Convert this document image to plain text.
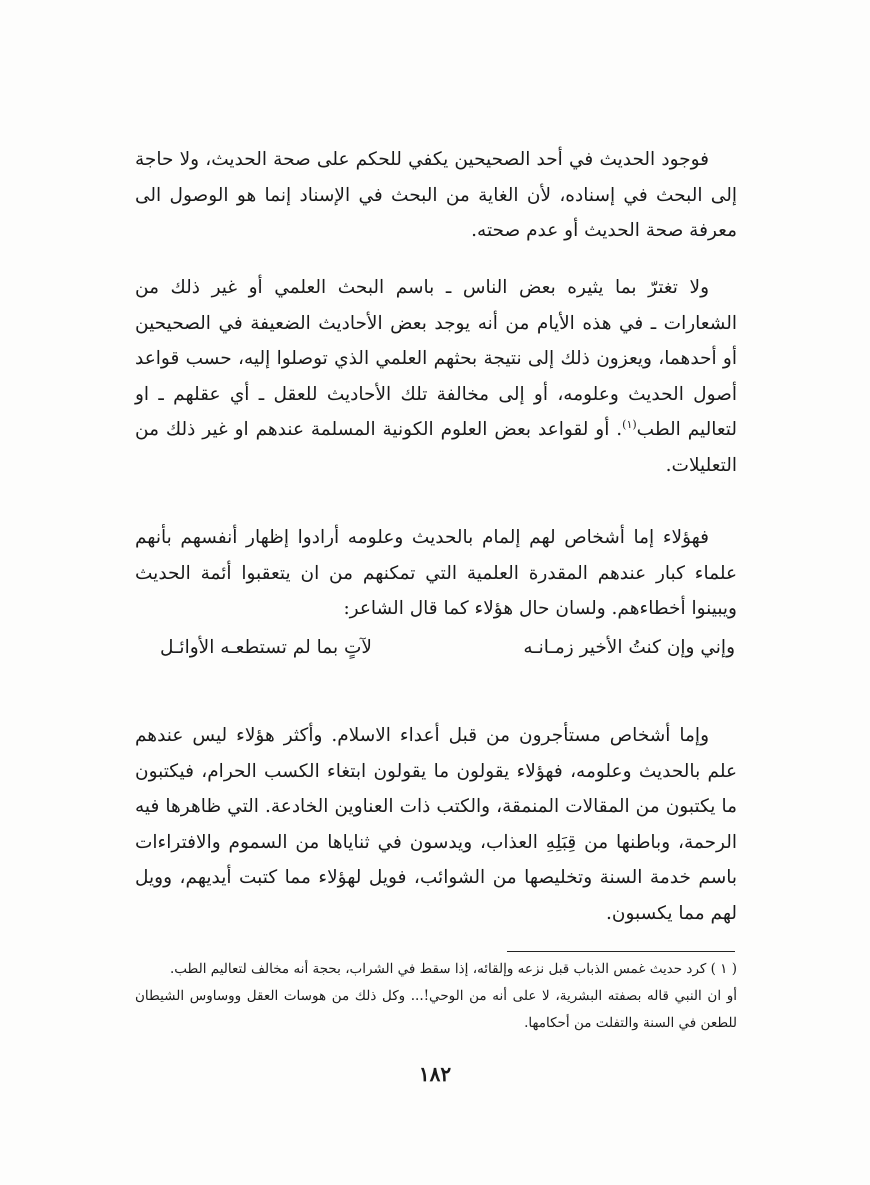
فوجود الحديث في أحد الصحيحين يكفي للحكم على صحة الحديث، ولا حاجة إلى البحث في إسناده، لأن الغاية من البحث في الإسناد إنما هو الوصول الى معرفة صحة الحديث أو عدم صحته.

ولا تغترّ بما يثيره بعض الناس ـ باسم البحث العلمي أو غير ذلك من الشعارات ـ في هذه الأيام من أنه يوجد بعض الأحاديث الضعيفة في الصحيحين أو أحدهما، ويعزون ذلك إلى نتيجة بحثهم العلمي الذي توصلوا إليه، حسب قواعد أصول الحديث وعلومه، أو إلى مخالفة تلك الأحاديث للعقل ـ أي عقلهم ـ او لتعاليم الطب$^{(١)}$. أو لقواعد بعض العلوم الكونية المسلمة عندهم او غير ذلك من التعليلات.

فهؤلاء إما أشخاص لهم إلمام بالحديث وعلومه أرادوا إظهار أنفسهم بأنهم علماء كبار عندهم المقدرة العلمية التي تمكنهم من ان يتعقبوا أئمة الحديث ويبينوا أخطاءهم. ولسان حال هؤلاء كما قال الشاعر:

وإني وإن كنتُ الأخير زمـانـه
لآتٍ بما لم تستطعـه الأوائـل

وإما أشخاص مستأجرون من قبل أعداء الاسلام. وأكثر هؤلاء ليس عندهم علم بالحديث وعلومه، فهؤلاء يقولون ما يقولون ابتغاء الكسب الحرام، فيكتبون ما يكتبون من المقالات المنمقة، والكتب ذات العناوين الخادعة. التي ظاهرها فيه الرحمة، وباطنها من قِبَلِهِ العذاب، ويدسون في ثناياها من السموم والافتراءات باسم خدمة السنة وتخليصها من الشوائب، فويل لهؤلاء مما كتبت أيديهم، وويل لهم مما يكسبون.

( ١ ) كرد حديث غمس الذباب قبل نزعه وإلقائه، إذا سقط في الشراب، بحجة أنه مخالف لتعاليم الطب.

أو ان النبي قاله بصفته البشرية، لا على أنه من الوحي!... وكل ذلك من هوسات العقل ووساوس الشيطان للطعن في السنة والتفلت من أحكامها.

١٨٢
